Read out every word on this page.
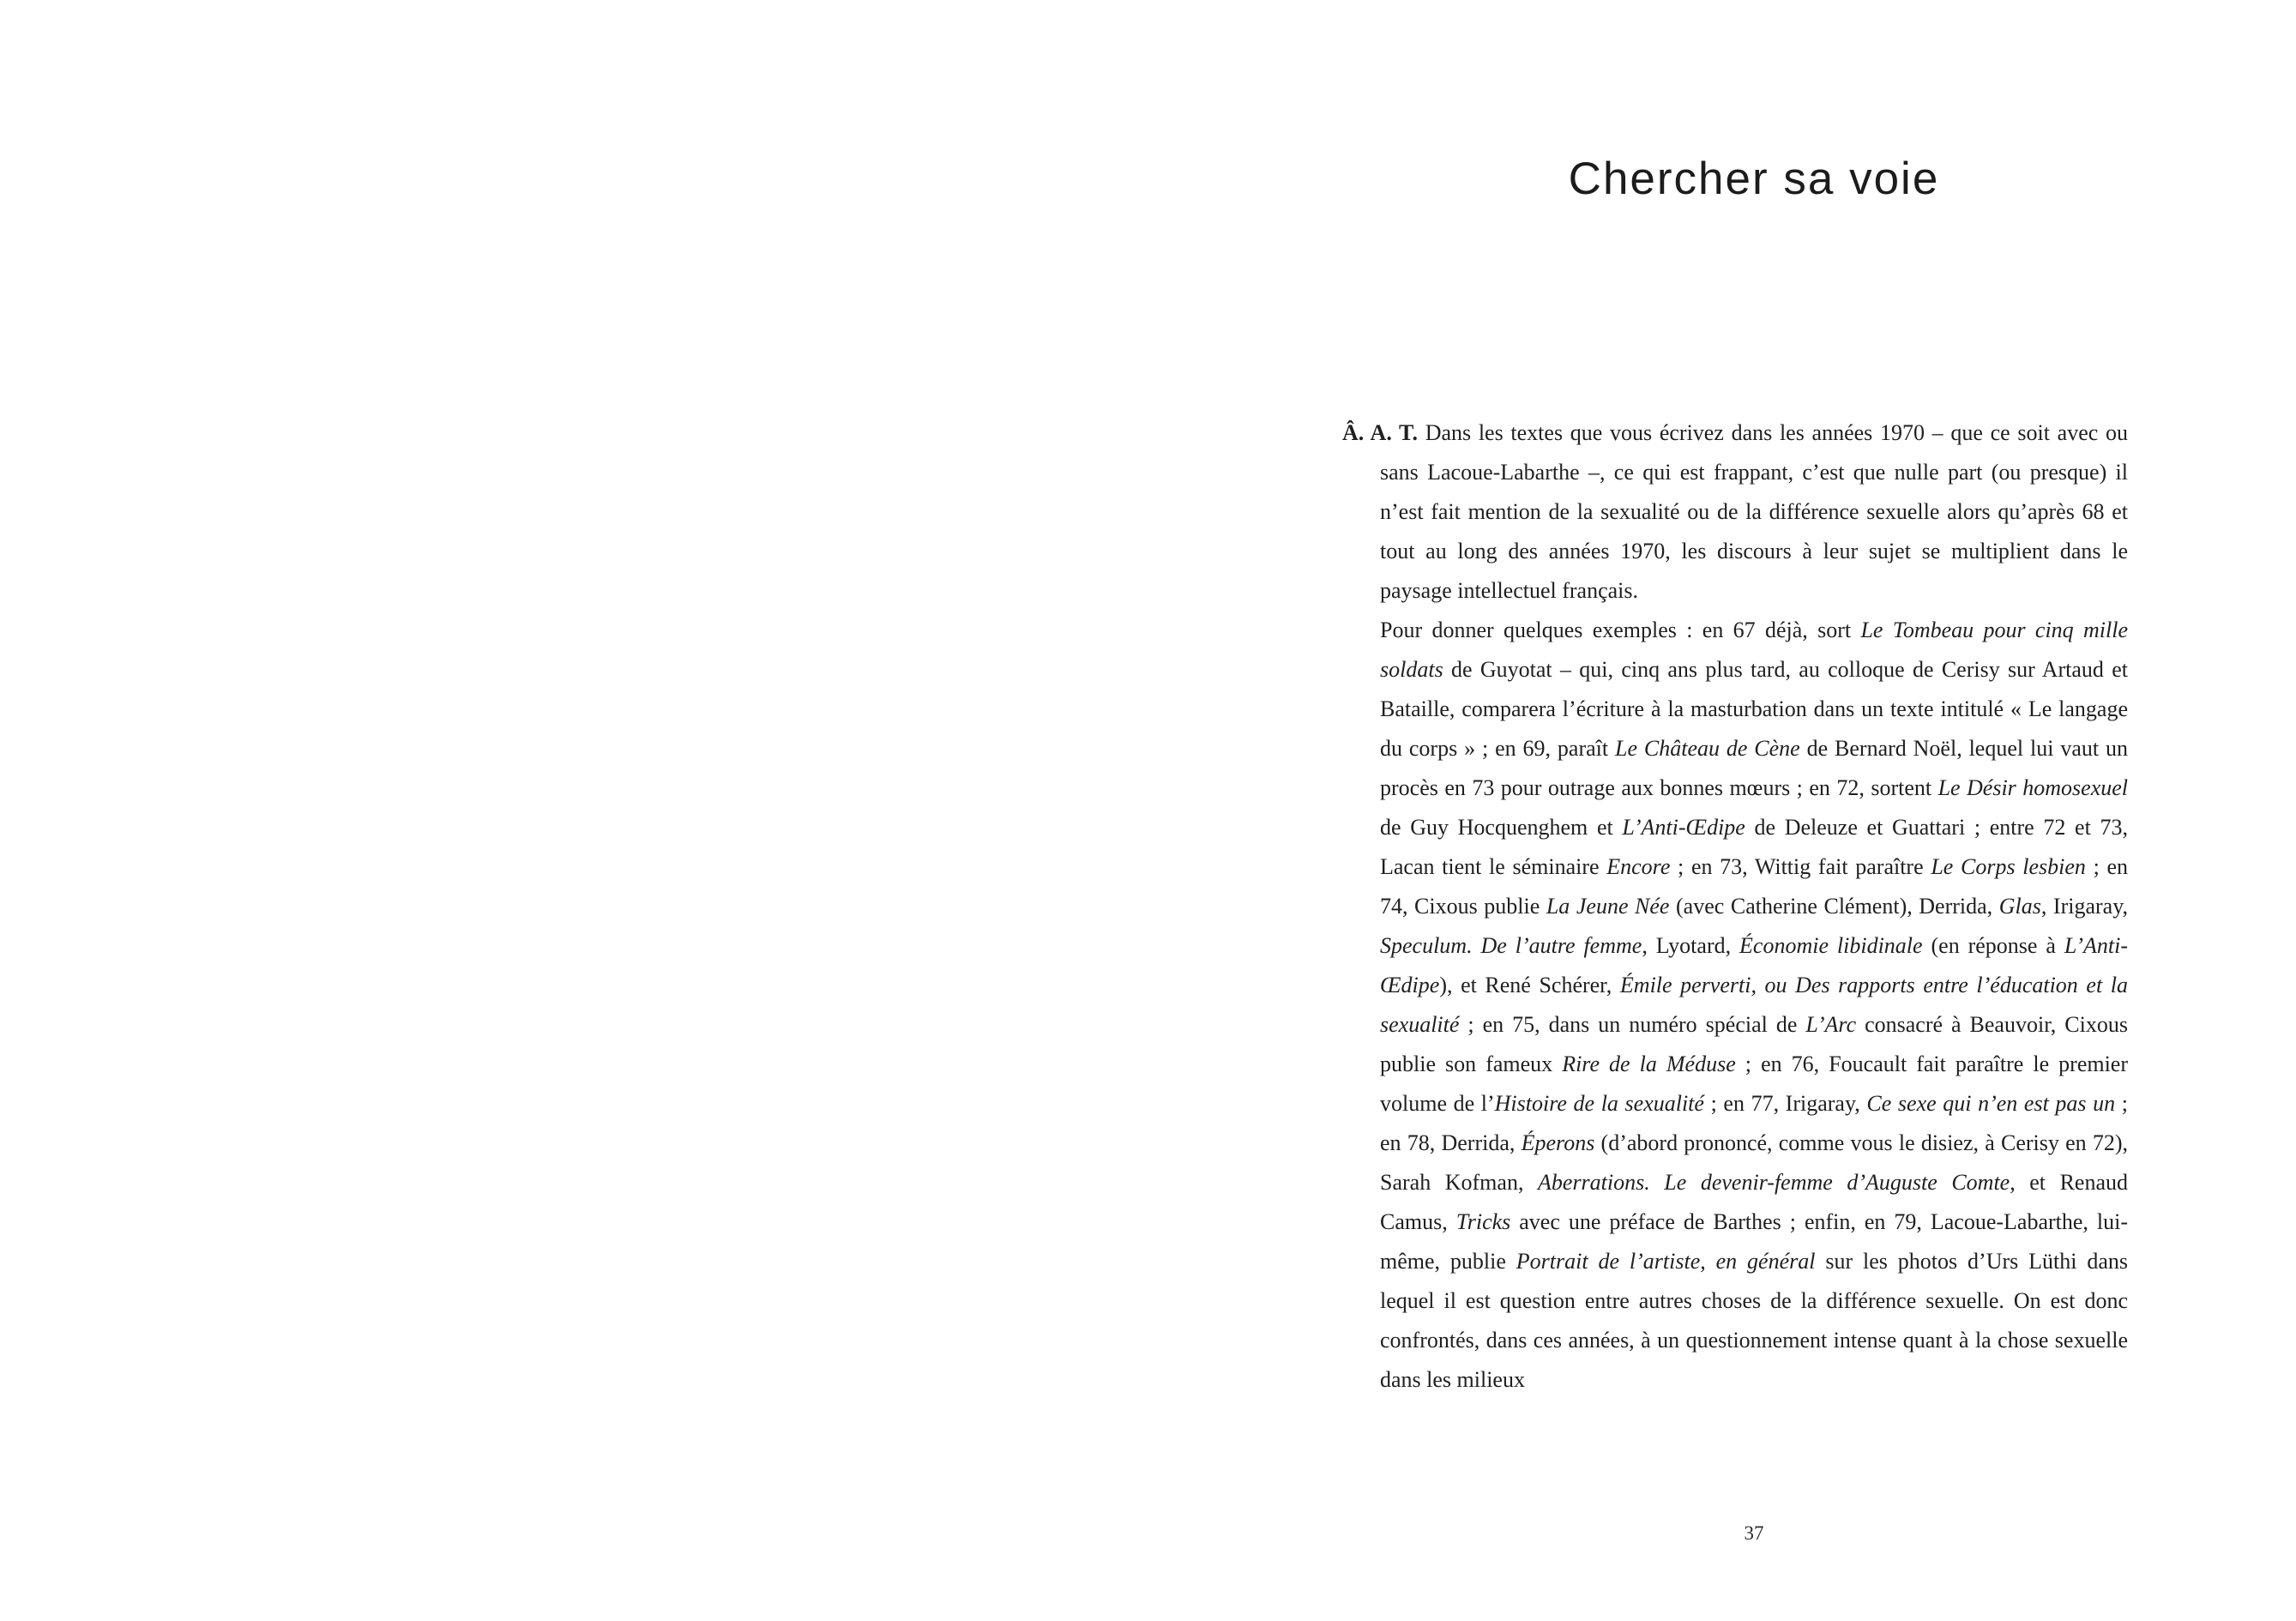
Chercher sa voie

Â. A. T. Dans les textes que vous écrivez dans les années 1970 – que ce soit avec ou sans Lacoue-Labarthe –, ce qui est frappant, c’est que nulle part (ou presque) il n’est fait mention de la sexualité ou de la différence sexuelle alors qu’après 68 et tout au long des années 1970, les discours à leur sujet se multiplient dans le paysage intellectuel français.

Pour donner quelques exemples : en 67 déjà, sort Le Tombeau pour cinq mille soldats de Guyotat – qui, cinq ans plus tard, au colloque de Cerisy sur Artaud et Bataille, comparera l’écriture à la masturbation dans un texte intitulé « Le langage du corps » ; en 69, paraît Le Château de Cène de Bernard Noël, lequel lui vaut un procès en 73 pour outrage aux bonnes mœurs ; en 72, sortent Le Désir homosexuel de Guy Hocquenghem et L’Anti-Œdipe de Deleuze et Guattari ; entre 72 et 73, Lacan tient le séminaire Encore ; en 73, Wittig fait paraître Le Corps lesbien ; en 74, Cixous publie La Jeune Née (avec Catherine Clément), Derrida, Glas, Irigaray, Speculum. De l’autre femme, Lyotard, Économie libidinale (en réponse à L’Anti-Œdipe), et René Schérer, Émile perverti, ou Des rapports entre l’éducation et la sexualité ; en 75, dans un numéro spécial de L’Arc consacré à Beauvoir, Cixous publie son fameux Rire de la Méduse ; en 76, Foucault fait paraître le premier volume de l’Histoire de la sexualité ; en 77, Irigaray, Ce sexe qui n’en est pas un ; en 78, Derrida, Éperons (d’abord prononcé, comme vous le disiez, à Cerisy en 72), Sarah Kofman, Aberrations. Le devenir-femme d’Auguste Comte, et Renaud Camus, Tricks avec une préface de Barthes ; enfin, en 79, Lacoue-Labarthe, lui-même, publie Portrait de l’artiste, en général sur les photos d’Urs Lüthi dans lequel il est question entre autres choses de la différence sexuelle. On est donc confrontés, dans ces années, à un questionnement intense quant à la chose sexuelle dans les milieux

37
